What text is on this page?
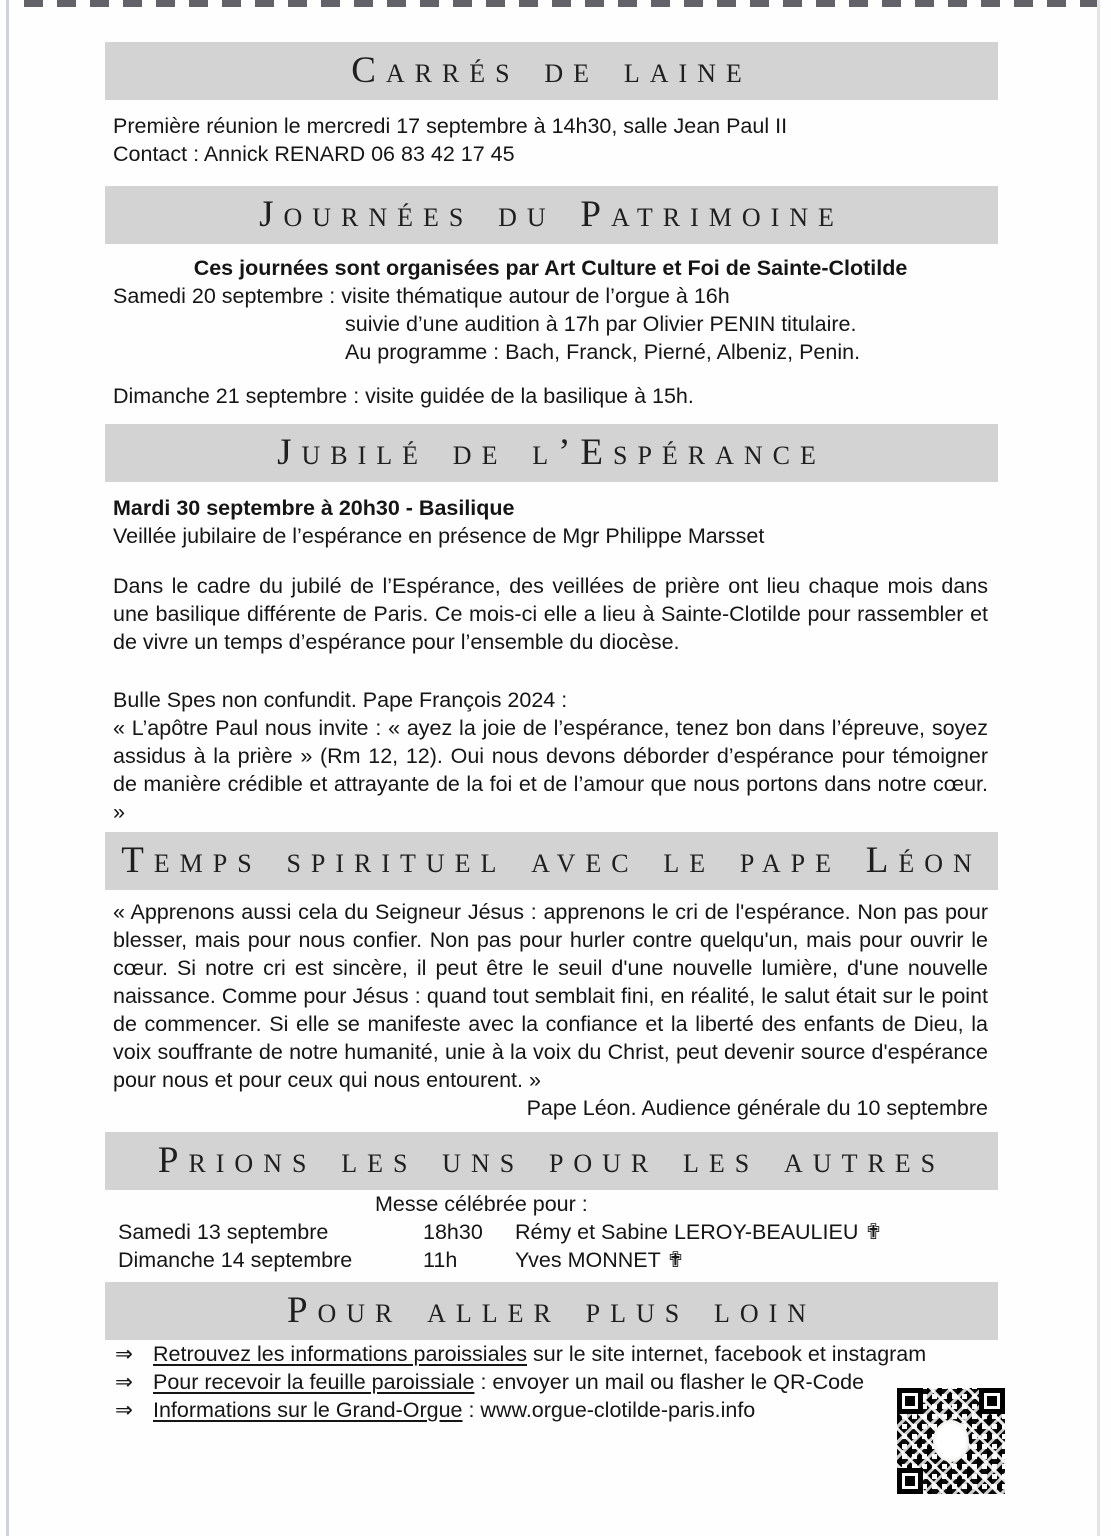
Carrés de laine

Première réunion le mercredi 17 septembre à 14h30, salle Jean Paul II

Contact : Annick RENARD 06 83 42 17 45

Journées du Patrimoine

Ces journées sont organisées par Art Culture et Foi de Sainte-Clotilde

Samedi 20 septembre : visite thématique autour de l’orgue à 16h

suivie d’une audition à 17h par Olivier PENIN titulaire.

Au programme : Bach, Franck, Pierné, Albeniz, Penin.

Dimanche 21 septembre : visite guidée de la basilique à 15h.

Jubilé de l’Espérance

Mardi 30 septembre à 20h30 - Basilique

Veillée jubilaire de l’espérance en présence de Mgr Philippe Marsset

Dans le cadre du jubilé de l’Espérance, des veillées de prière ont lieu chaque mois dans une basilique différente de Paris. Ce mois-ci elle a lieu à Sainte-Clotilde pour rassembler et de vivre un temps d’espérance pour l’ensemble du diocèse.

Bulle Spes non confundit. Pape François 2024 :

« L’apôtre Paul nous invite : « ayez la joie de l’espérance, tenez bon dans l’épreuve, soyez assidus à la prière » (Rm 12, 12). Oui nous devons déborder d’espérance pour témoigner de manière crédible et attrayante de la foi et de l’amour que nous portons dans notre cœur. »

Temps spirituel avec le pape Léon

« Apprenons aussi cela du Seigneur Jésus : apprenons le cri de l'espérance. Non pas pour blesser, mais pour nous confier. Non pas pour hurler contre quelqu'un, mais pour ouvrir le cœur. Si notre cri est sincère, il peut être le seuil d'une nouvelle lumière, d'une nouvelle naissance. Comme pour Jésus : quand tout semblait fini, en réalité, le salut était sur le point de commencer. Si elle se manifeste avec la confiance et la liberté des enfants de Dieu, la voix souffrante de notre humanité, unie à la voix du Christ, peut devenir source d'espérance pour nous et pour ceux qui nous entourent. »

Pape Léon. Audience générale du 10 septembre

Prions les uns pour les autres

Messe célébrée pour :

Samedi 13 septembre	18h30	Rémy et Sabine LEROY-BEAULIEU ✟
Dimanche 14 septembre	11h	Yves MONNET ✟
Pour aller plus loin
⇒ Retrouvez les informations paroissiales sur le site internet, facebook et instagram
⇒ Pour recevoir la feuille paroissiale : envoyer un mail ou flasher le QR-Code
⇒ Informations sur le Grand-Orgue : www.orgue-clotilde-paris.info
